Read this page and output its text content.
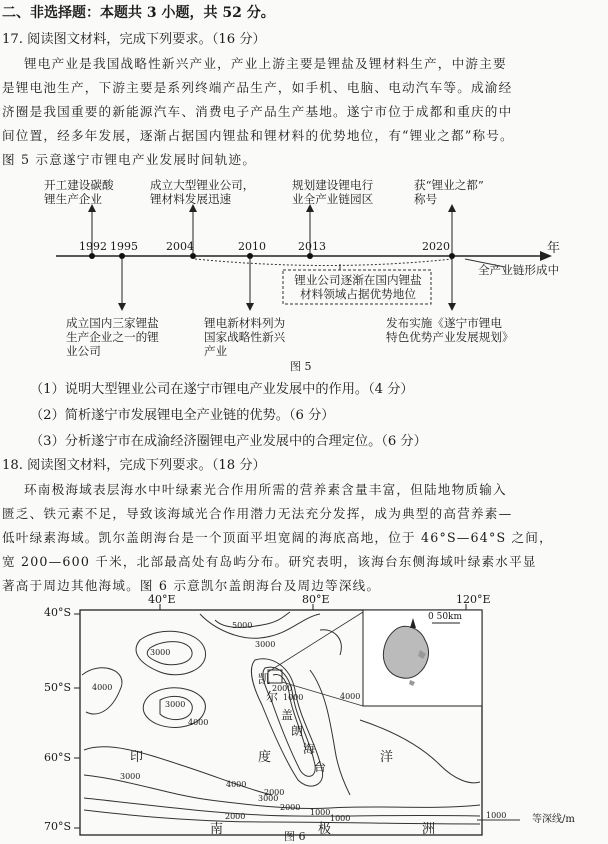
二、非选择题：本题共 3 小题，共 52 分。
17. 阅读图文材料，完成下列要求。（16 分）
锂电产业是我国战略性新兴产业，产业上游主要是锂盐及锂材料生产，中游主要
是锂电池生产，下游主要是系列终端产品生产，如手机、电脑、电动汽车等。成渝经
济圈是我国重要的新能源汽车、消费电子产品生产基地。遂宁市位于成都和重庆的中
间位置，经多年发展，逐渐占据国内锂盐和锂材料的优势地位，有“锂业之都”称号。
图 5 示意遂宁市锂电产业发展时间轨迹。
1992 1995	2004	2010	2013	2020	年
开工建设碳酸
锂生产企业
成立大型锂业公司，
锂材料发展迅速
规划建设锂电行
业全产业链园区
获“锂业之都”
称号
锂业公司逐渐在国内锂盐
材料领域占据优势地位
全产业链形成中
成立国内三家锂盐
生产企业之一的锂
业公司
锂电新材料列为
国家战略性新兴
产业
发布实施《遂宁市锂电
特色优势产业发展规划》
图 5
（1）说明大型锂业公司在遂宁市锂电产业发展中的作用。（4 分）
（2）简析遂宁市发展锂电全产业链的优势。（6 分）
（3）分析遂宁市在成渝经济圈锂电产业发展中的合理定位。（6 分）
18. 阅读图文材料，完成下列要求。（18 分）
环南极海域表层海水中叶绿素光合作用所需的营养素含量丰富，但陆地物质输入
匮乏、铁元素不足，导致该海域光合作用潜力无法充分发挥，成为典型的高营养素—
低叶绿素海域。凯尔盖朗海台是一个顶面平坦宽阔的海底高地，位于 46°S—64°S 之间，
宽 200—600 千米，北部最高处有岛屿分布。研究表明，该海台东侧海域叶绿素水平显
著高于周边其他海域。图 6 示意凯尔盖朗海台及周边等深线。
40°E	80°E	120°E
40°S
50°S
60°S
70°S
5000
3000
4000
3000
4000
2000
1000
3000
4000
3000
2000
4000
3000
2000
1000
2000	1000
印	度	洋
凯
尔
盖
朗
海
台
南	极	洲
0 50km
1000	等深线/m
图 6
